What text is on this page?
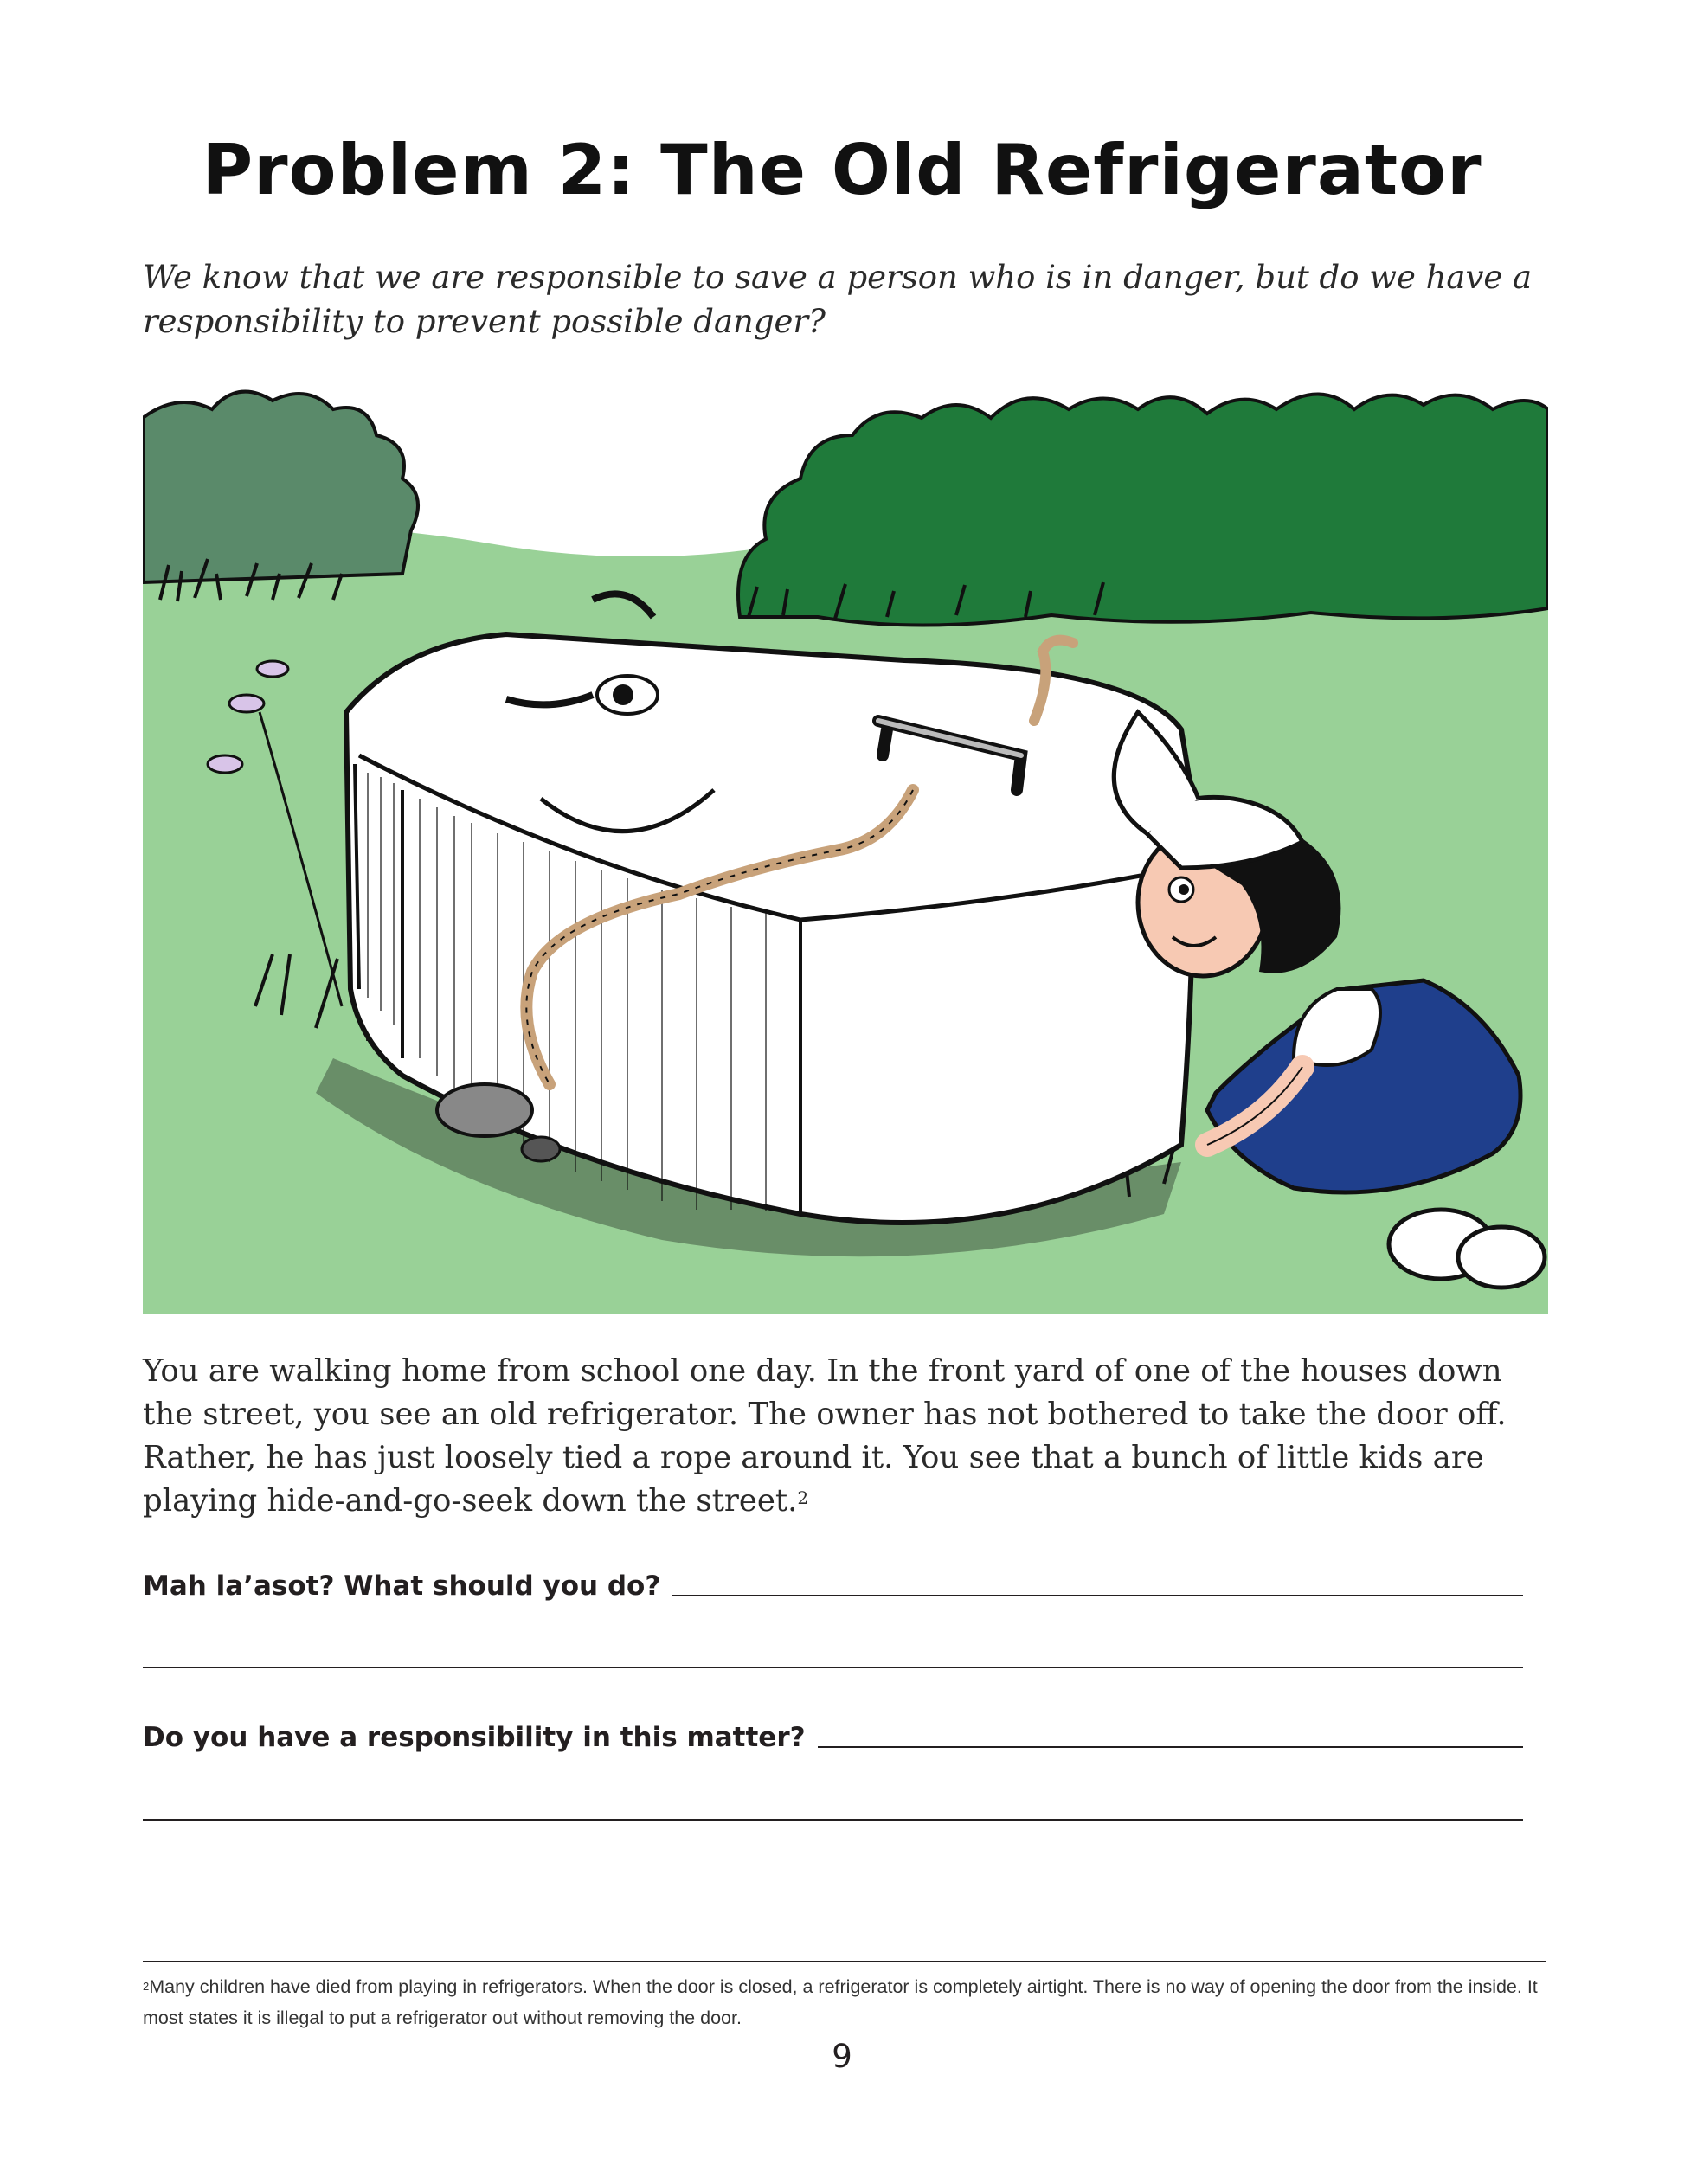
Problem 2: The Old Refrigerator

We know that we are responsible to save a person who is in danger, but do we have a responsibility to prevent possible danger?

You are walking home from school one day. In the front yard of one of the houses down the street, you see an old refrigerator. The owner has not bothered to take the door off. Rather, he has just loosely tied a rope around it. You see that a bunch of little kids are playing hide-and-go-seek down the street.$^2$

Mah la’asot? What should you do?
Do you have a responsibility in this matter?

$^2$Many children have died from playing in refrigerators. When the door is closed, a refrigerator is completely airtight. There is no way of opening the door from the inside. It most states it is illegal to put a refrigerator out without removing the door.

9
